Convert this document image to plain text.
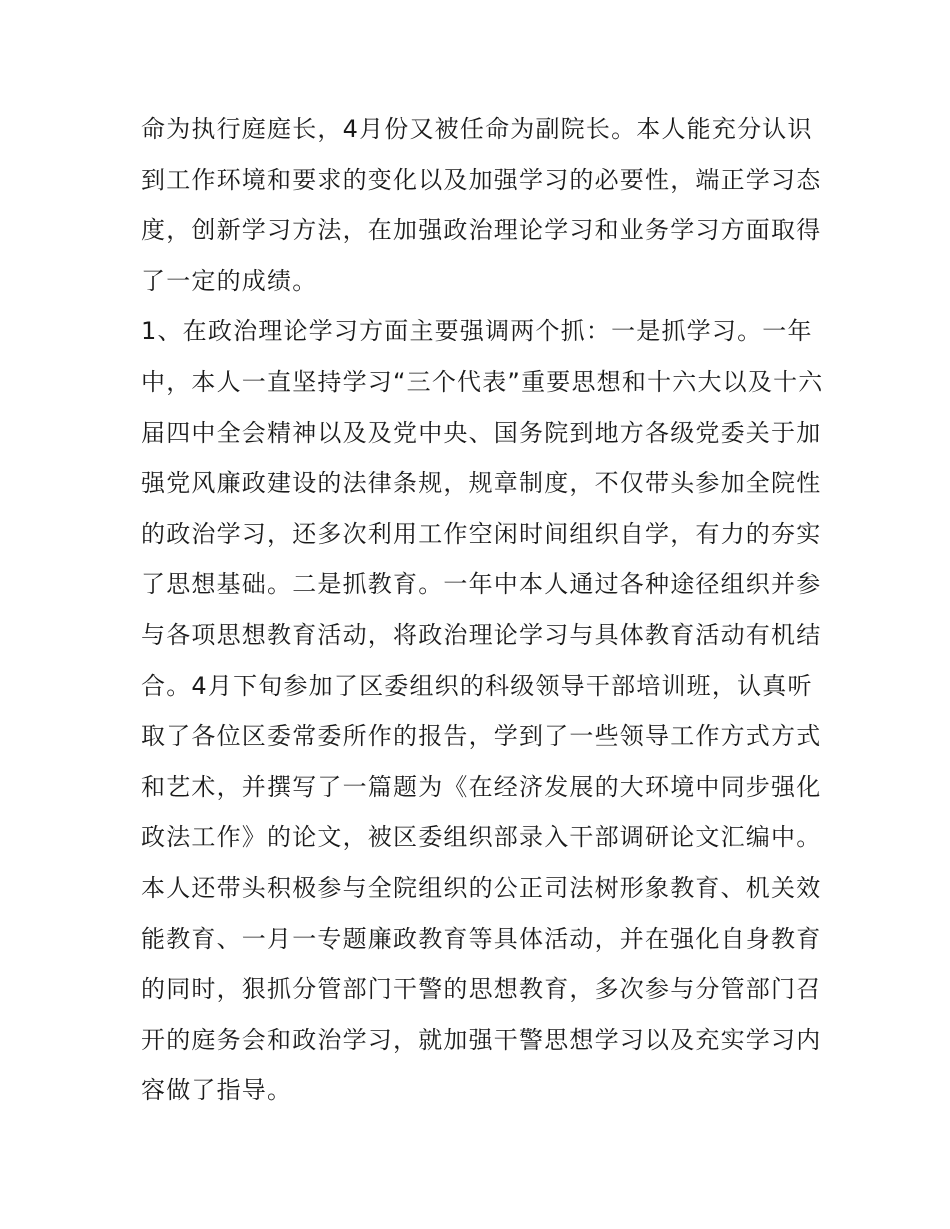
命为执行庭庭长，4月份又被任命为副院长。本人能充分认识
到工作环境和要求的变化以及加强学习的必要性，端正学习态
度，创新学习方法，在加强政治理论学习和业务学习方面取得
了一定的成绩。
1、在政治理论学习方面主要强调两个抓：一是抓学习。一年
中，本人一直坚持学习“三个代表”重要思想和十六大以及十六
届四中全会精神以及及党中央、国务院到地方各级党委关于加
强党风廉政建设的法律条规，规章制度，不仅带头参加全院性
的政治学习，还多次利用工作空闲时间组织自学，有力的夯实
了思想基础。二是抓教育。一年中本人通过各种途径组织并参
与各项思想教育活动，将政治理论学习与具体教育活动有机结
合。4月下旬参加了区委组织的科级领导干部培训班，认真听
取了各位区委常委所作的报告，学到了一些领导工作方式方式
和艺术，并撰写了一篇题为《在经济发展的大环境中同步强化
政法工作》的论文，被区委组织部录入干部调研论文汇编中。
本人还带头积极参与全院组织的公正司法树形象教育、机关效
能教育、一月一专题廉政教育等具体活动，并在强化自身教育
的同时，狠抓分管部门干警的思想教育，多次参与分管部门召
开的庭务会和政治学习，就加强干警思想学习以及充实学习内
容做了指导。
